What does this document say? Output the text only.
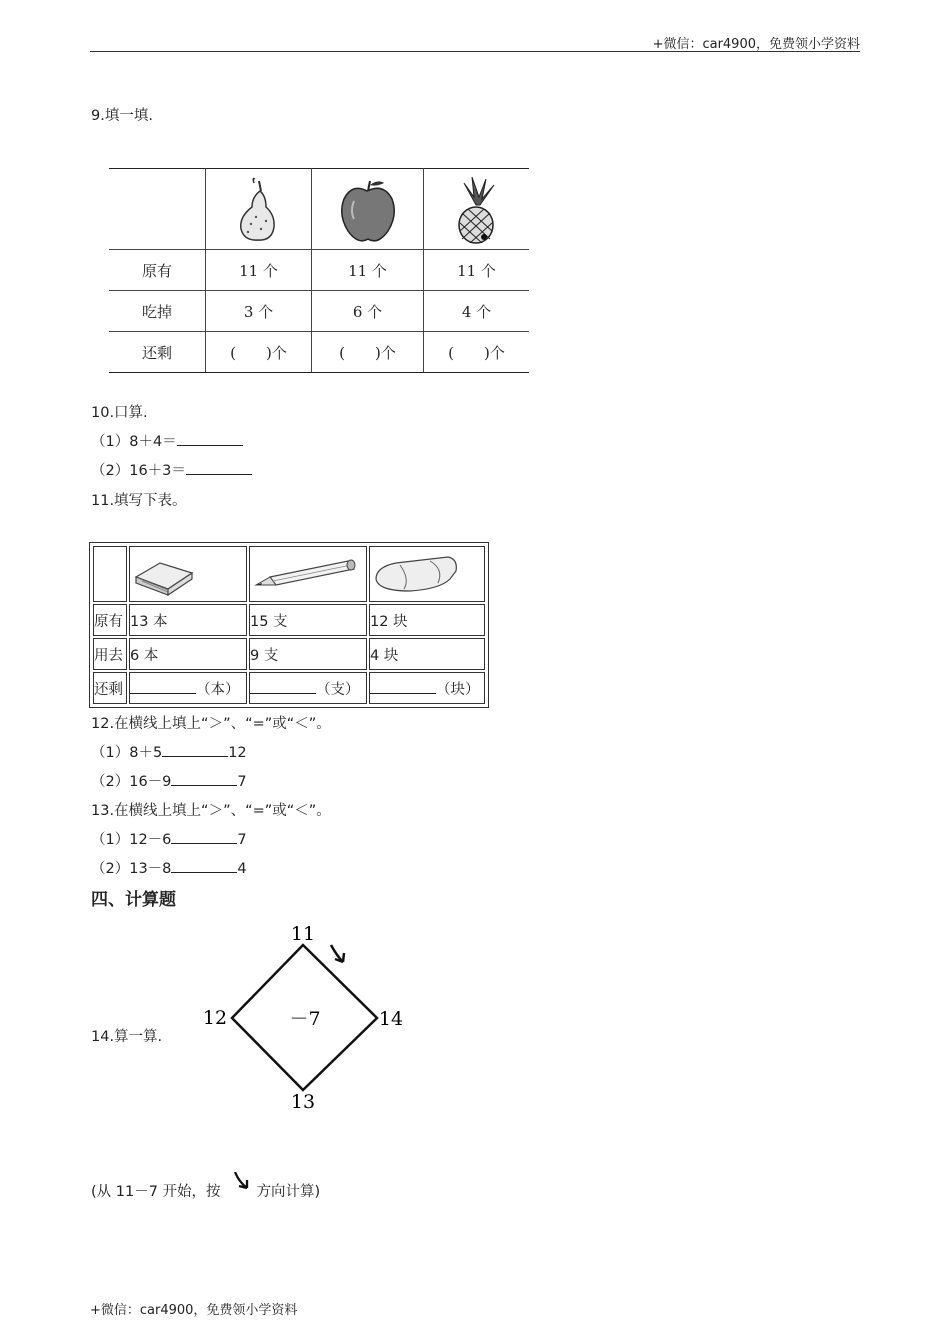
+微信：car4900，免费领小学资料
9.填一填.

原有	11 个	11 个	11 个
吃掉	3 个	6 个	4 个
还剩	(　　)个	(　　)个	(　　)个
10.口算.
（1）8＋4＝
（2）16＋3＝
11.填写下表。

原有	13 本	15 支	12 块
用去	6 本	9 支	4 块
还剩	（本）	（支）	（块）
12.在横线上填上“＞”、“=”或“＜”。
（1）8＋5	12
（2）16－9	7
13.在横线上填上“＞”、“=”或“＜”。
（1）12－6	7
（2）13－8	4
四、计算题
14.算一算.
11
12	14
13
－7
(从 11－7 开始，按 方向计算)
+微信：car4900，免费领小学资料
